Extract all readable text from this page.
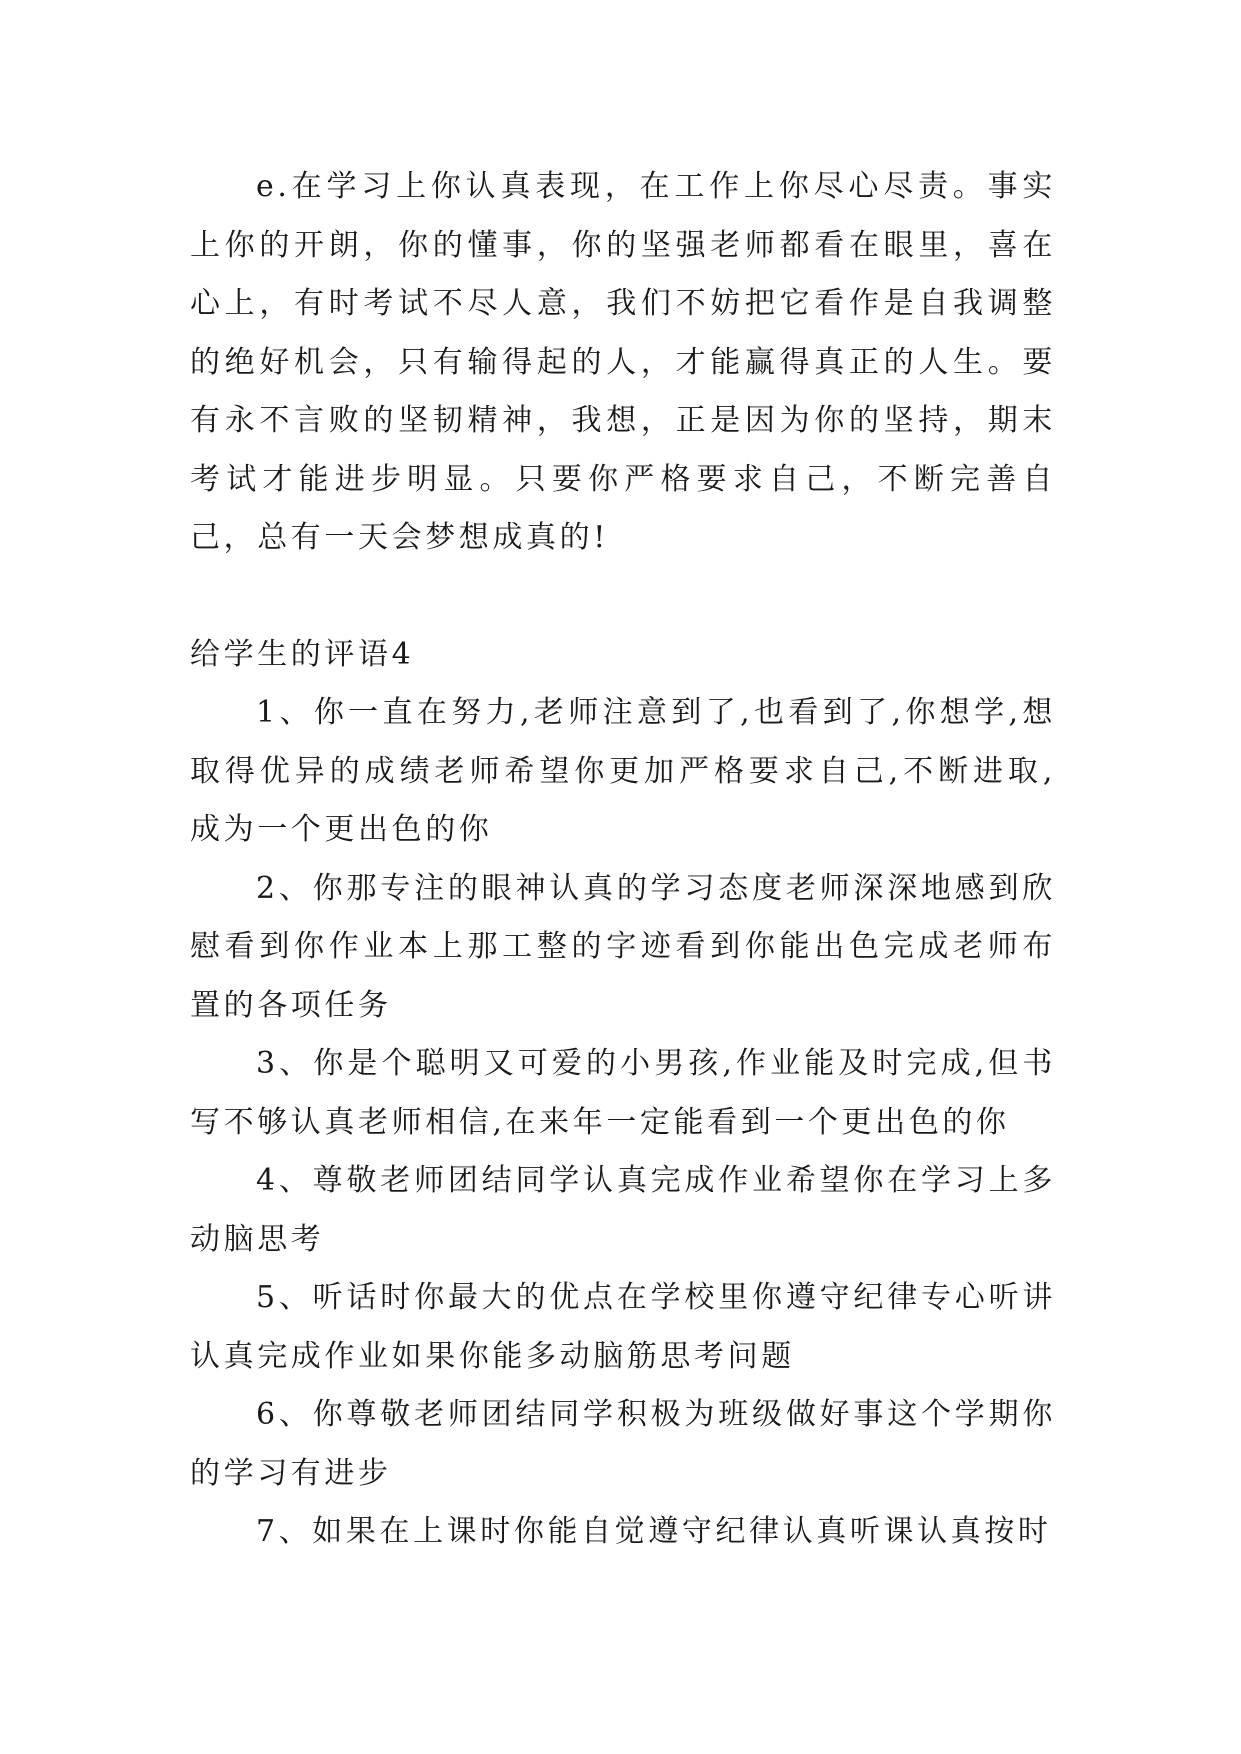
e.在学习上你认真表现，在工作上你尽心尽责。事实上你的开朗，你的懂事，你的坚强老师都看在眼里，喜在心上，有时考试不尽人意，我们不妨把它看作是自我调整的绝好机会，只有输得起的人，才能赢得真正的人生。要有永不言败的坚韧精神，我想，正是因为你的坚持，期末考试才能进步明显。只要你严格要求自己，不断完善自己，总有一天会梦想成真的!

给学生的评语4

1、你一直在努力,老师注意到了,也看到了,你想学,想取得优异的成绩老师希望你更加严格要求自己,不断进取,成为一个更出色的你

2、你那专注的眼神认真的学习态度老师深深地感到欣慰看到你作业本上那工整的字迹看到你能出色完成老师布置的各项任务

3、你是个聪明又可爱的小男孩,作业能及时完成,但书写不够认真老师相信,在来年一定能看到一个更出色的你

4、尊敬老师团结同学认真完成作业希望你在学习上多动脑思考

5、听话时你最大的优点在学校里你遵守纪律专心听讲认真完成作业如果你能多动脑筋思考问题

6、你尊敬老师团结同学积极为班级做好事这个学期你的学习有进步

7、如果在上课时你能自觉遵守纪律认真听课认真按时
